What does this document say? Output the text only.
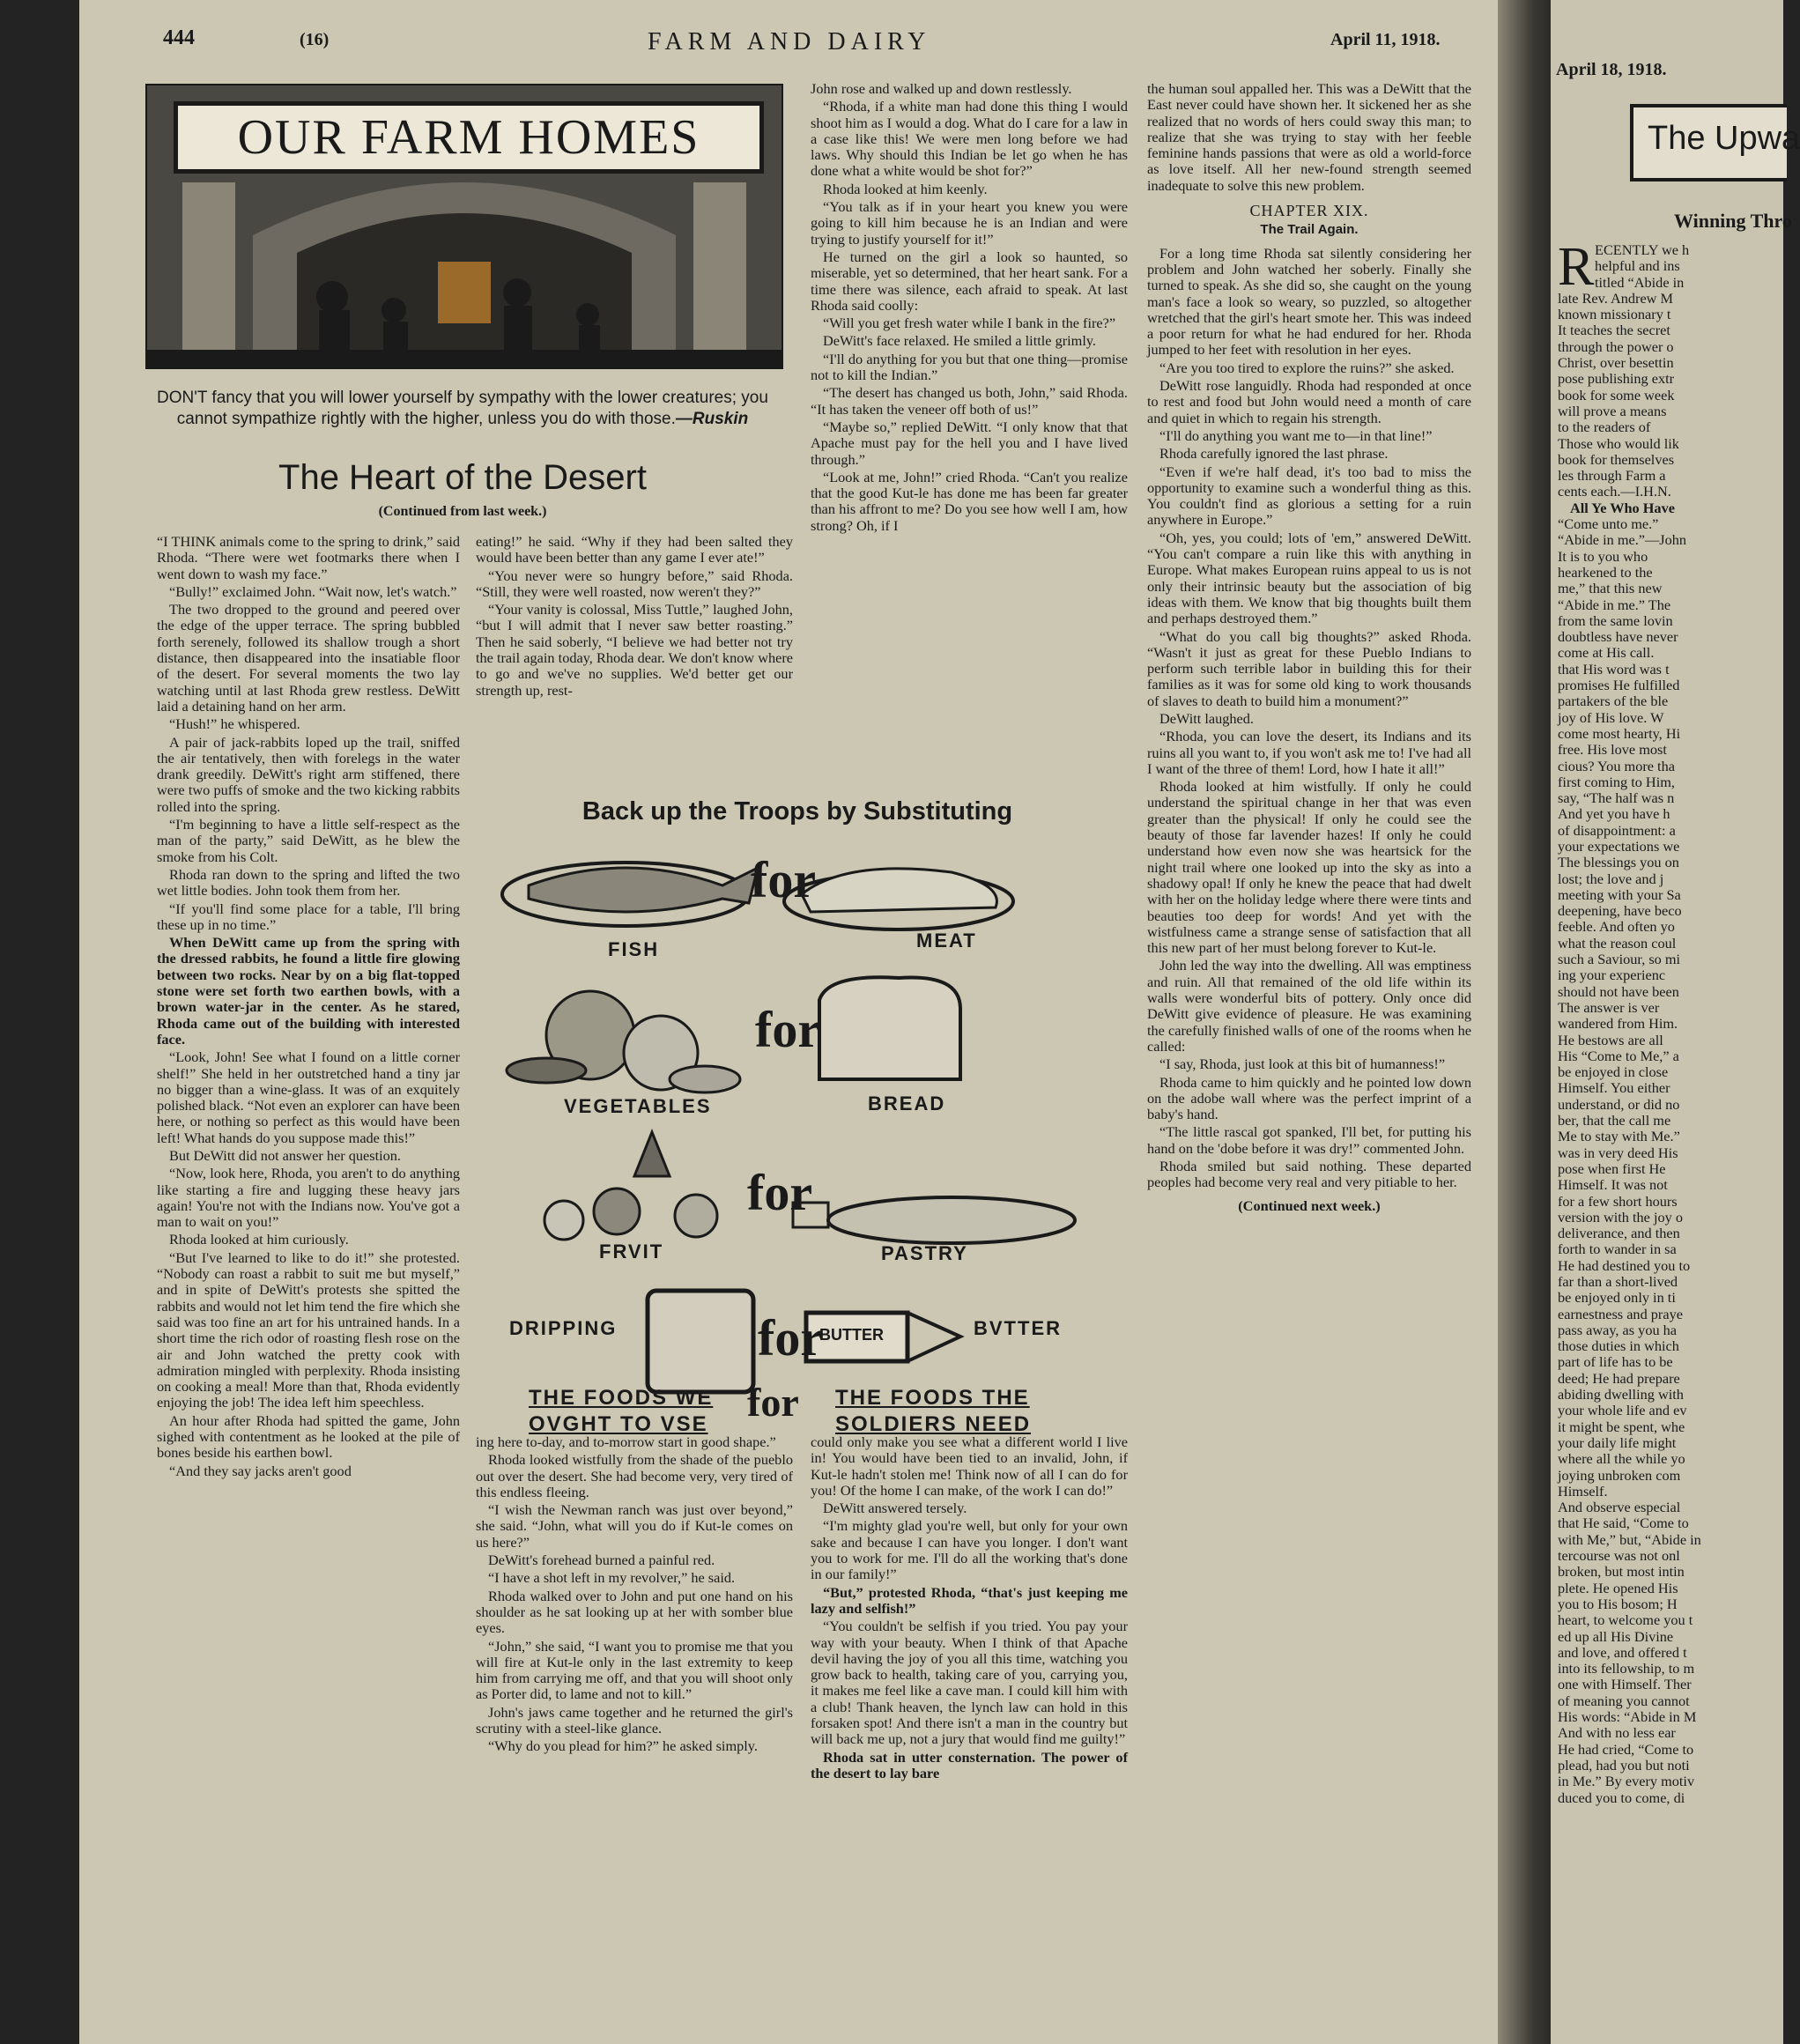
444	(16)	FARM AND DAIRY	April 11, 1918.
OUR FARM HOMES
DON'T fancy that you will lower yourself by sympathy with the lower creatures; you cannot sympathize rightly with the higher, unless you do with those.—Ruskin
The Heart of the Desert
(Continued from last week.)

“I THINK animals come to the spring to drink,” said Rhoda. “There were wet footmarks there when I went down to wash my face.”

“Bully!” exclaimed John. “Wait now, let's watch.”

The two dropped to the ground and peered over the edge of the upper terrace. The spring bubbled forth serenely, followed its shallow trough a short distance, then disappeared into the insatiable floor of the desert. For several moments the two lay watching until at last Rhoda grew restless. DeWitt laid a detaining hand on her arm.

“Hush!” he whispered.

A pair of jack-rabbits loped up the trail, sniffed the air tentatively, then with forelegs in the water drank greedily. DeWitt's right arm stiffened, there were two puffs of smoke and the two kicking rabbits rolled into the spring.

“I'm beginning to have a little self-respect as the man of the party,” said DeWitt, as he blew the smoke from his Colt.

Rhoda ran down to the spring and lifted the two wet little bodies. John took them from her.

“If you'll find some place for a table, I'll bring these up in no time.”

When DeWitt came up from the spring with the dressed rabbits, he found a little fire glowing between two rocks. Near by on a big flat-topped stone were set forth two earthen bowls, with a brown water-jar in the center. As he stared, Rhoda came out of the building with interested face.

“Look, John! See what I found on a little corner shelf!” She held in her outstretched hand a tiny jar no bigger than a wine-glass. It was of an exquitely polished black. “Not even an explorer can have been here, or nothing so perfect as this would have been left! What hands do you suppose made this!”

But DeWitt did not answer her question.

“Now, look here, Rhoda, you aren't to do anything like starting a fire and lugging these heavy jars again! You're not with the Indians now. You've got a man to wait on you!”

Rhoda looked at him curiously.

“But I've learned to like to do it!” she protested. “Nobody can roast a rabbit to suit me but myself,” and in spite of DeWitt's protests she spitted the rabbits and would not let him tend the fire which she said was too fine an art for his untrained hands. In a short time the rich odor of roasting flesh rose on the air and John watched the pretty cook with admiration mingled with perplexity. Rhoda insisting on cooking a meal! More than that, Rhoda evidently enjoying the job! The idea left him speechless.

An hour after Rhoda had spitted the game, John sighed with contentment as he looked at the pile of bones beside his earthen bowl.

“And they say jacks aren't good

eating!” he said. “Why if they had been salted they would have been better than any game I ever ate!”

“You never were so hungry before,” said Rhoda. “Still, they were well roasted, now weren't they?”

“Your vanity is colossal, Miss Tuttle,” laughed John, “but I will admit that I never saw better roasting.” Then he said soberly, “I believe we had better not try the trail again today, Rhoda dear. We don't know where to go and we've no supplies. We'd better get our strength up, rest-

John rose and walked up and down restlessly.

“Rhoda, if a white man had done this thing I would shoot him as I would a dog. What do I care for a law in a case like this! We were men long before we had laws. Why should this Indian be let go when he has done what a white would be shot for?”

Rhoda looked at him keenly.

“You talk as if in your heart you knew you were going to kill him because he is an Indian and were trying to justify yourself for it!”

He turned on the girl a look so haunted, so miserable, yet so determined, that her heart sank. For a time there was silence, each afraid to speak. At last Rhoda said coolly:

“Will you get fresh water while I bank in the fire?”

DeWitt's face relaxed. He smiled a little grimly.

“I'll do anything for you but that one thing—promise not to kill the Indian.”

“The desert has changed us both, John,” said Rhoda. “It has taken the veneer off both of us!”

“Maybe so,” replied DeWitt. “I only know that that Apache must pay for the hell you and I have lived through.”

“Look at me, John!” cried Rhoda. “Can't you realize that the good Kut-le has done me has been far greater than his affront to me? Do you see how well I am, how strong? Oh, if I

Back up the Troops by Substituting
for
for
for
for
FISH	MEAT
VEGETABLES	BREAD
FRVIT	PASTRY
DRIPPING	BVTTER
BUTTER
THE FOODS WE
OVGHT TO VSE for THE FOODS THE
SOLDIERS NEED

ing here to-day, and to-morrow start in good shape.”

Rhoda looked wistfully from the shade of the pueblo out over the desert. She had become very, very tired of this endless fleeing.

“I wish the Newman ranch was just over beyond,” she said. “John, what will you do if Kut-le comes on us here?”

DeWitt's forehead burned a painful red.

“I have a shot left in my revolver,” he said.

Rhoda walked over to John and put one hand on his shoulder as he sat looking up at her with somber blue eyes.

“John,” she said, “I want you to promise me that you will fire at Kut-le only in the last extremity to keep him from carrying me off, and that you will shoot only as Porter did, to lame and not to kill.”

John's jaws came together and he returned the girl's scrutiny with a steel-like glance.

“Why do you plead for him?” he asked simply.

could only make you see what a different world I live in! You would have been tied to an invalid, John, if Kut-le hadn't stolen me! Think now of all I can do for you! Of the home I can make, of the work I can do!”

DeWitt answered tersely.

“I'm mighty glad you're well, but only for your own sake and because I can have you longer. I don't want you to work for me. I'll do all the working that's done in our family!”

“But,” protested Rhoda, “that's just keeping me lazy and selfish!”

“You couldn't be selfish if you tried. You pay your way with your beauty. When I think of that Apache devil having the joy of you all this time, watching you grow back to health, taking care of you, carrying you, it makes me feel like a cave man. I could kill him with a club! Thank heaven, the lynch law can hold in this forsaken spot! And there isn't a man in the country but will back me up, not a jury that would find me guilty!”

Rhoda sat in utter consternation. The power of the desert to lay bare

the human soul appalled her. This was a DeWitt that the East never could have shown her. It sickened her as she realized that no words of hers could sway this man; to realize that she was trying to stay with her feeble feminine hands passions that were as old a world-force as love itself. All her new-found strength seemed inadequate to solve this new problem.

CHAPTER XIX.
The Trail Again.

For a long time Rhoda sat silently considering her problem and John watched her soberly. Finally she turned to speak. As she did so, she caught on the young man's face a look so weary, so puzzled, so altogether wretched that the girl's heart smote her. This was indeed a poor return for what he had endured for her. Rhoda jumped to her feet with resolution in her eyes.

“Are you too tired to explore the ruins?” she asked.

DeWitt rose languidly. Rhoda had responded at once to rest and food but John would need a month of care and quiet in which to regain his strength.

“I'll do anything you want me to—in that line!”

Rhoda carefully ignored the last phrase.

“Even if we're half dead, it's too bad to miss the opportunity to examine such a wonderful thing as this. You couldn't find as glorious a setting for a ruin anywhere in Europe.”

“Oh, yes, you could; lots of 'em,” answered DeWitt. “You can't compare a ruin like this with anything in Europe. What makes European ruins appeal to us is not only their intrinsic beauty but the association of big ideas with them. We know that big thoughts built them and perhaps destroyed them.”

“What do you call big thoughts?” asked Rhoda. “Wasn't it just as great for these Pueblo Indians to perform such terrible labor in building this for their families as it was for some old king to work thousands of slaves to death to build him a monument?”

DeWitt laughed.

“Rhoda, you can love the desert, its Indians and its ruins all you want to, if you won't ask me to! I've had all I want of the three of them! Lord, how I hate it all!”

Rhoda looked at him wistfully. If only he could understand the spiritual change in her that was even greater than the physical! If only he could see the beauty of those far lavender hazes! If only he could understand how even now she was heartsick for the night trail where one looked up into the sky as into a shadowy opal! If only he knew the peace that had dwelt with her on the holiday ledge where there were tints and beauties too deep for words! And yet with the wistfulness came a strange sense of satisfaction that all this new part of her must belong forever to Kut-le.

John led the way into the dwelling. All was emptiness and ruin. All that remained of the old life within its walls were wonderful bits of pottery. Only once did DeWitt give evidence of pleasure. He was examining the carefully finished walls of one of the rooms when he called:

“I say, Rhoda, just look at this bit of humanness!”

Rhoda came to him quickly and he pointed low down on the adobe wall where was the perfect imprint of a baby's hand.

“The little rascal got spanked, I'll bet, for putting his hand on the 'dobe before it was dry!” commented John.

Rhoda smiled but said nothing. These departed peoples had become very real and very pitiable to her.

(Continued next week.)

April 18, 1918.
The Upwa
Winning Thro
R ECENTLY we h
helpful and ins
titled “Abide in
late Rev. Andrew M
known missionary t
It teaches the secret
through the power o
Christ, over besettin
pose publishing extr
book for some week
will prove a means
to the readers of
Those who would lik
book for themselves
les through Farm a
cents each.—I.H.N.
All Ye Who Have
“Come unto me.”
“Abide in me.”—John
It is to you who
hearkened to the
me,” that this new
“Abide in me.” The
from the same lovin
doubtless have never
come at His call.
that His word was t
promises He fulfilled
partakers of the ble
joy of His love. W
come most hearty, Hi
free. His love most
cious? You more tha
first coming to Him,
say, “The half was n
And yet you have h
of disappointment: a
your expectations we
The blessings you on
lost; the love and j
meeting with your Sa
deepening, have beco
feeble. And often yo
what the reason coul
such a Saviour, so mi
ing your experienc
should not have been
The answer is ver
wandered from Him.
He bestows are all
His “Come to Me,” a
be enjoyed in close
Himself. You either
understand, or did no
ber, that the call me
Me to stay with Me.”
was in very deed His
pose when first He
Himself. It was not
for a few short hours
version with the joy o
deliverance, and then
forth to wander in sa
He had destined you to
far than a short-lived
be enjoyed only in ti
earnestness and praye
pass away, as you ha
those duties in which
part of life has to be
deed; He had prepare
abiding dwelling with
your whole life and ev
it might be spent, whe
your daily life might
where all the while yo
joying unbroken com
Himself.
And observe especial
that He said, “Come to
with Me,” but, “Abide in
tercourse was not onl
broken, but most intin
plete. He opened His
you to His bosom; H
heart, to welcome you t
ed up all His Divine
and love, and offered t
into its fellowship, to m
one with Himself. Ther
of meaning you cannot
His words: “Abide in M
And with no less ear
He had cried, “Come to
plead, had you but noti
in Me.” By every motiv
duced you to come, di
